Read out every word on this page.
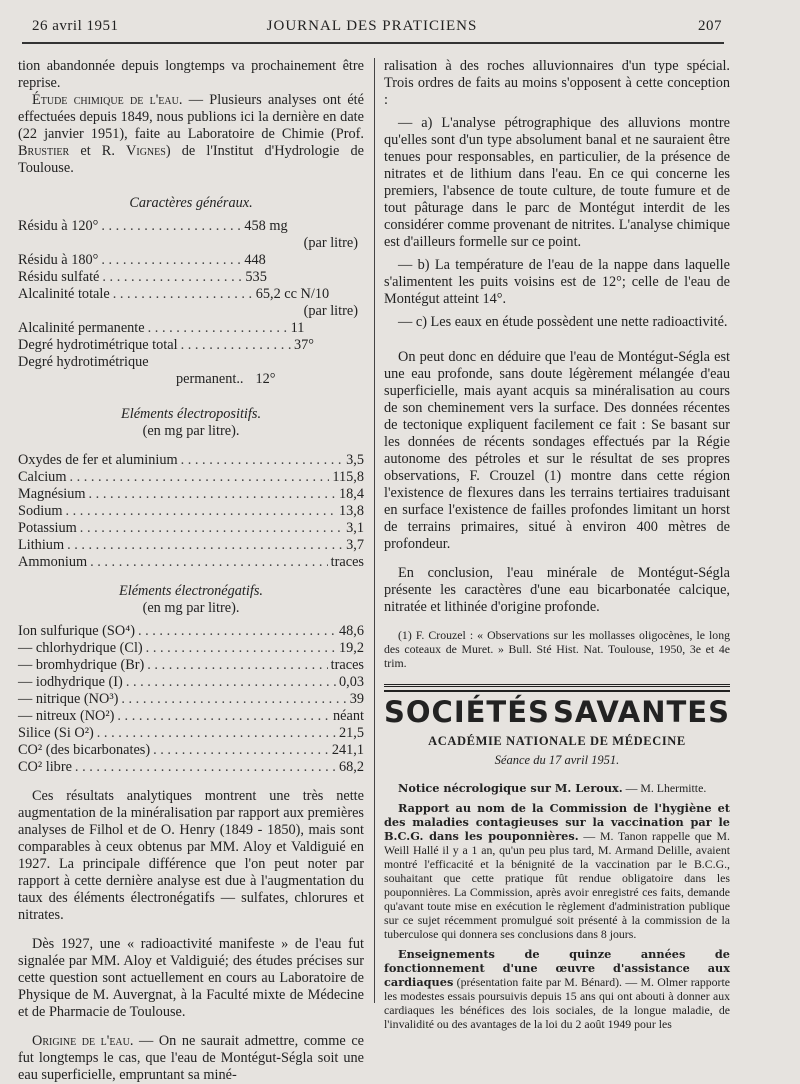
26 avril 1951	JOURNAL DES PRATICIENS	207

tion abandonnée depuis longtemps va prochainement être reprise.

Étude chimique de l'eau. — Plusieurs analyses ont été effectuées depuis 1849, nous publions ici la dernière en date (22 janvier 1951), faite au Laboratoire de Chimie (Prof. Brustier et R. Vignes) de l'Institut d'Hydrologie de Toulouse.

Caractères généraux.

Résidu à 120° . . .	458 mg
(par litre)
Résidu à 180° . . .	448
Résidu sulfaté . . .	535
Alcalinité totale . . .	65,2 cc N/10
(par litre)
Alcalinité permanente . . .	11
Degré hydrotimétrique total . . .	37°
Degré hydrotimétrique
permanent.. 12°

Eléments électropositifs.

(en mg par litre).

Oxydes de fer et aluminium . . .	3,5
Calcium . . .	115,8
Magnésium . . .	18,4
Sodium . . .	13,8
Potassium . . .	3,1
Lithium . . .	3,7
Ammonium . . .	traces

Eléments électronégatifs.

(en mg par litre).

Ion sulfurique (SO⁴) . . .	48,6
— chlorhydrique (Cl) . . .	19,2
— bromhydrique (Br) . . .	traces
— iodhydrique (I) . . .	0,03
— nitrique (NO³) . . .	39
— nitreux (NO²) . . .	néant
Silice (Si O²) . . .	21,5
CO² (des bicarbonates) . . .	241,1
CO² libre . . .	68,2

Ces résultats analytiques montrent une très nette augmentation de la minéralisation par rapport aux premières analyses de Filhol et de O. Henry (1849 - 1850), mais sont comparables à ceux obtenus par MM. Aloy et Valdiguié en 1927. La principale différence que l'on peut noter par rapport à cette dernière analyse est due à l'augmentation du taux des éléments électronégatifs — sulfates, chlorures et nitrates.

Dès 1927, une « radioactivité manifeste » de l'eau fut signalée par MM. Aloy et Valdiguié; des études précises sur cette question sont actuellement en cours au Laboratoire de Physique de M. Auvergnat, à la Faculté mixte de Médecine et de Pharmacie de Toulouse.

Origine de l'eau. — On ne saurait admettre, comme ce fut longtemps le cas, que l'eau de Montégut-Ségla soit une eau superficielle, empruntant sa miné-

ralisation à des roches alluvionnaires d'un type spécial. Trois ordres de faits au moins s'opposent à cette conception :

— a) L'analyse pétrographique des alluvions montre qu'elles sont d'un type absolument banal et ne sauraient être tenues pour responsables, en particulier, de la présence de nitrates et de lithium dans l'eau. En ce qui concerne les premiers, l'absence de toute culture, de toute fumure et de tout pâturage dans le parc de Montégut interdit de les considérer comme provenant de nitrites. L'analyse chimique est d'ailleurs formelle sur ce point.

— b) La température de l'eau de la nappe dans laquelle s'alimentent les puits voisins est de 12°; celle de l'eau de Montégut atteint 14°.

— c) Les eaux en étude possèdent une nette radioactivité.

On peut donc en déduire que l'eau de Montégut-Ségla est une eau profonde, sans doute légèrement mélangée d'eau superficielle, mais ayant acquis sa minéralisation au cours de son cheminement vers la surface. Des données récentes de tectonique expliquent facilement ce fait : Se basant sur les données de récents sondages effectués par la Régie autonome des pétroles et sur le résultat de ses propres observations, F. Crouzel (1) montre dans cette région l'existence de flexures dans les terrains tertiaires traduisant en surface l'existence de failles profondes limitant un horst de terrains primaires, situé à environ 400 mètres de profondeur.

En conclusion, l'eau minérale de Montégut-Ségla présente les caractères d'une eau bicarbonatée calcique, nitratée et lithinée d'origine profonde.

(1) F. Crouzel : « Observations sur les mollasses oligocènes, le long des coteaux de Muret. » Bull. Sté Hist. Nat. Toulouse, 1950, 3e et 4e trim.

SOCIÉTÉS SAVANTES
ACADÉMIE NATIONALE DE MÉDECINE
Séance du 17 avril 1951.

Notice nécrologique sur M. Leroux. — M. Lhermitte.

Rapport au nom de la Commission de l'hygiène et des maladies contagieuses sur la vaccination par le B.C.G. dans les pouponnières. — M. Tanon rappelle que M. Weill Hallé il y a 1 an, qu'un peu plus tard, M. Armand Delille, avaient montré l'efficacité et la bénignité de la vaccination par le B.C.G., souhaitant que cette pratique fût rendue obligatoire dans les pouponnières. La Commission, après avoir enregistré ces faits, demande qu'avant toute mise en exécution le règlement d'administration publique sur ce sujet récemment promulgué soit présenté à la commission de la tuberculose qui donnera ses conclusions dans 8 jours.

Enseignements de quinze années de fonctionnement d'une œuvre d'assistance aux cardiaques (présentation faite par M. Bénard). — M. Olmer rapporte les modestes essais poursuivis depuis 15 ans qui ont abouti à donner aux cardiaques les bénéfices des lois sociales, de la longue maladie, de l'invalidité ou des avantages de la loi du 2 août 1949 pour les
